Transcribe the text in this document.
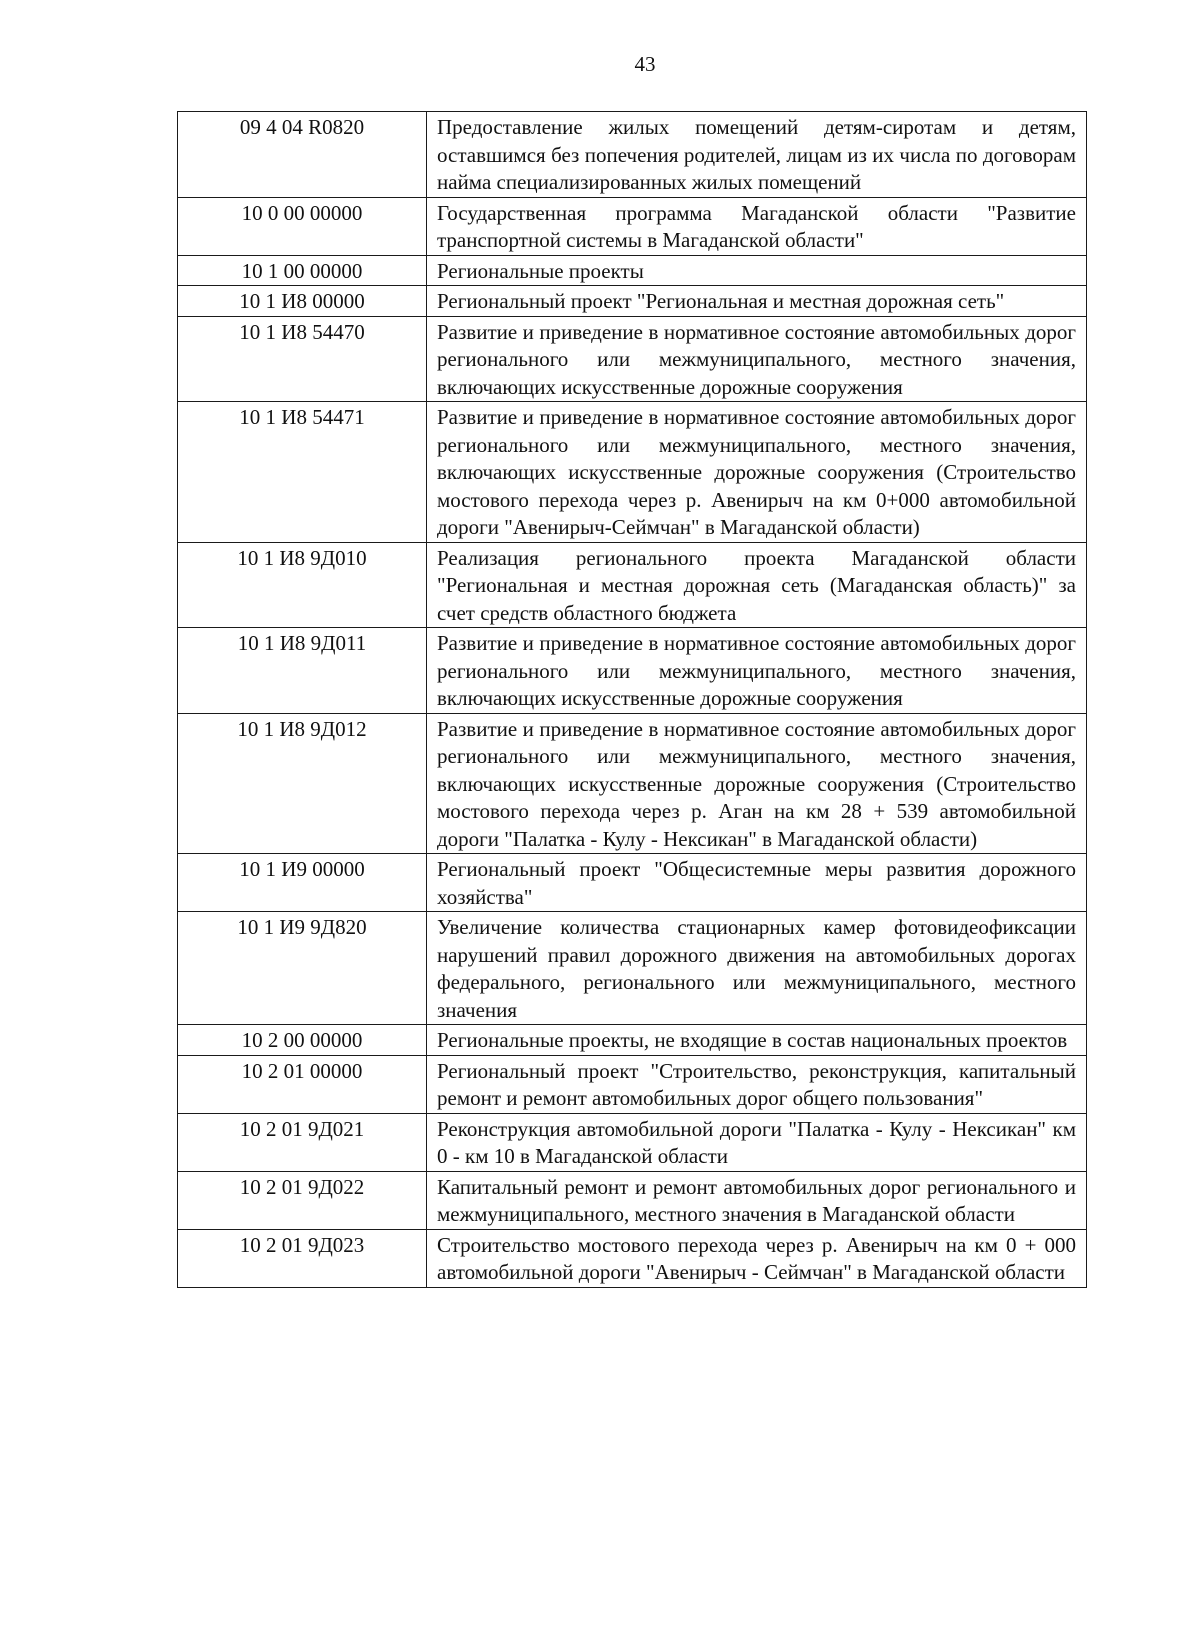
43
09 4 04 R0820	Предоставление жилых помещений детям-сиротам и детям, оставшимся без попечения родителей, лицам из их числа по договорам найма специализированных жилых помещений
10 0 00 00000	Государственная программа Магаданской области "Развитие транспортной системы в Магаданской области"
10 1 00 00000	Региональные проекты
10 1 И8 00000	Региональный проект "Региональная и местная дорожная сеть"
10 1 И8 54470	Развитие и приведение в нормативное состояние автомобильных дорог регионального или межмуниципального, местного значения, включающих искусственные дорожные сооружения
10 1 И8 54471	Развитие и приведение в нормативное состояние автомобильных дорог регионального или межмуниципального, местного значения, включающих искусственные дорожные сооружения (Строительство мостового перехода через р. Авенирыч на км 0+000 автомобильной дороги "Авенирыч-Сеймчан" в Магаданской области)
10 1 И8 9Д010	Реализация регионального проекта Магаданской области "Региональная и местная дорожная сеть (Магаданская область)" за счет средств областного бюджета
10 1 И8 9Д011	Развитие и приведение в нормативное состояние автомобильных дорог регионального или межмуниципального, местного значения, включающих искусственные дорожные сооружения
10 1 И8 9Д012	Развитие и приведение в нормативное состояние автомобильных дорог регионального или межмуниципального, местного значения, включающих искусственные дорожные сооружения (Строительство мостового перехода через р. Аган на км 28 + 539 автомобильной дороги "Палатка - Кулу - Нексикан" в Магаданской области)
10 1 И9 00000	Региональный проект "Общесистемные меры развития дорожного хозяйства"
10 1 И9 9Д820	Увеличение количества стационарных камер фотовидеофиксации нарушений правил дорожного движения на автомобильных дорогах федерального, регионального или межмуниципального, местного значения
10 2 00 00000	Региональные проекты, не входящие в состав национальных проектов
10 2 01 00000	Региональный проект "Строительство, реконструкция, капитальный ремонт и ремонт автомобильных дорог общего пользования"
10 2 01 9Д021	Реконструкция автомобильной дороги "Палатка - Кулу - Нексикан" км 0 - км 10 в Магаданской области
10 2 01 9Д022	Капитальный ремонт и ремонт автомобильных дорог регионального и межмуниципального, местного значения в Магаданской области
10 2 01 9Д023	Строительство мостового перехода через р. Авенирыч на км 0 + 000 автомобильной дороги "Авенирыч - Сеймчан" в Магаданской области
